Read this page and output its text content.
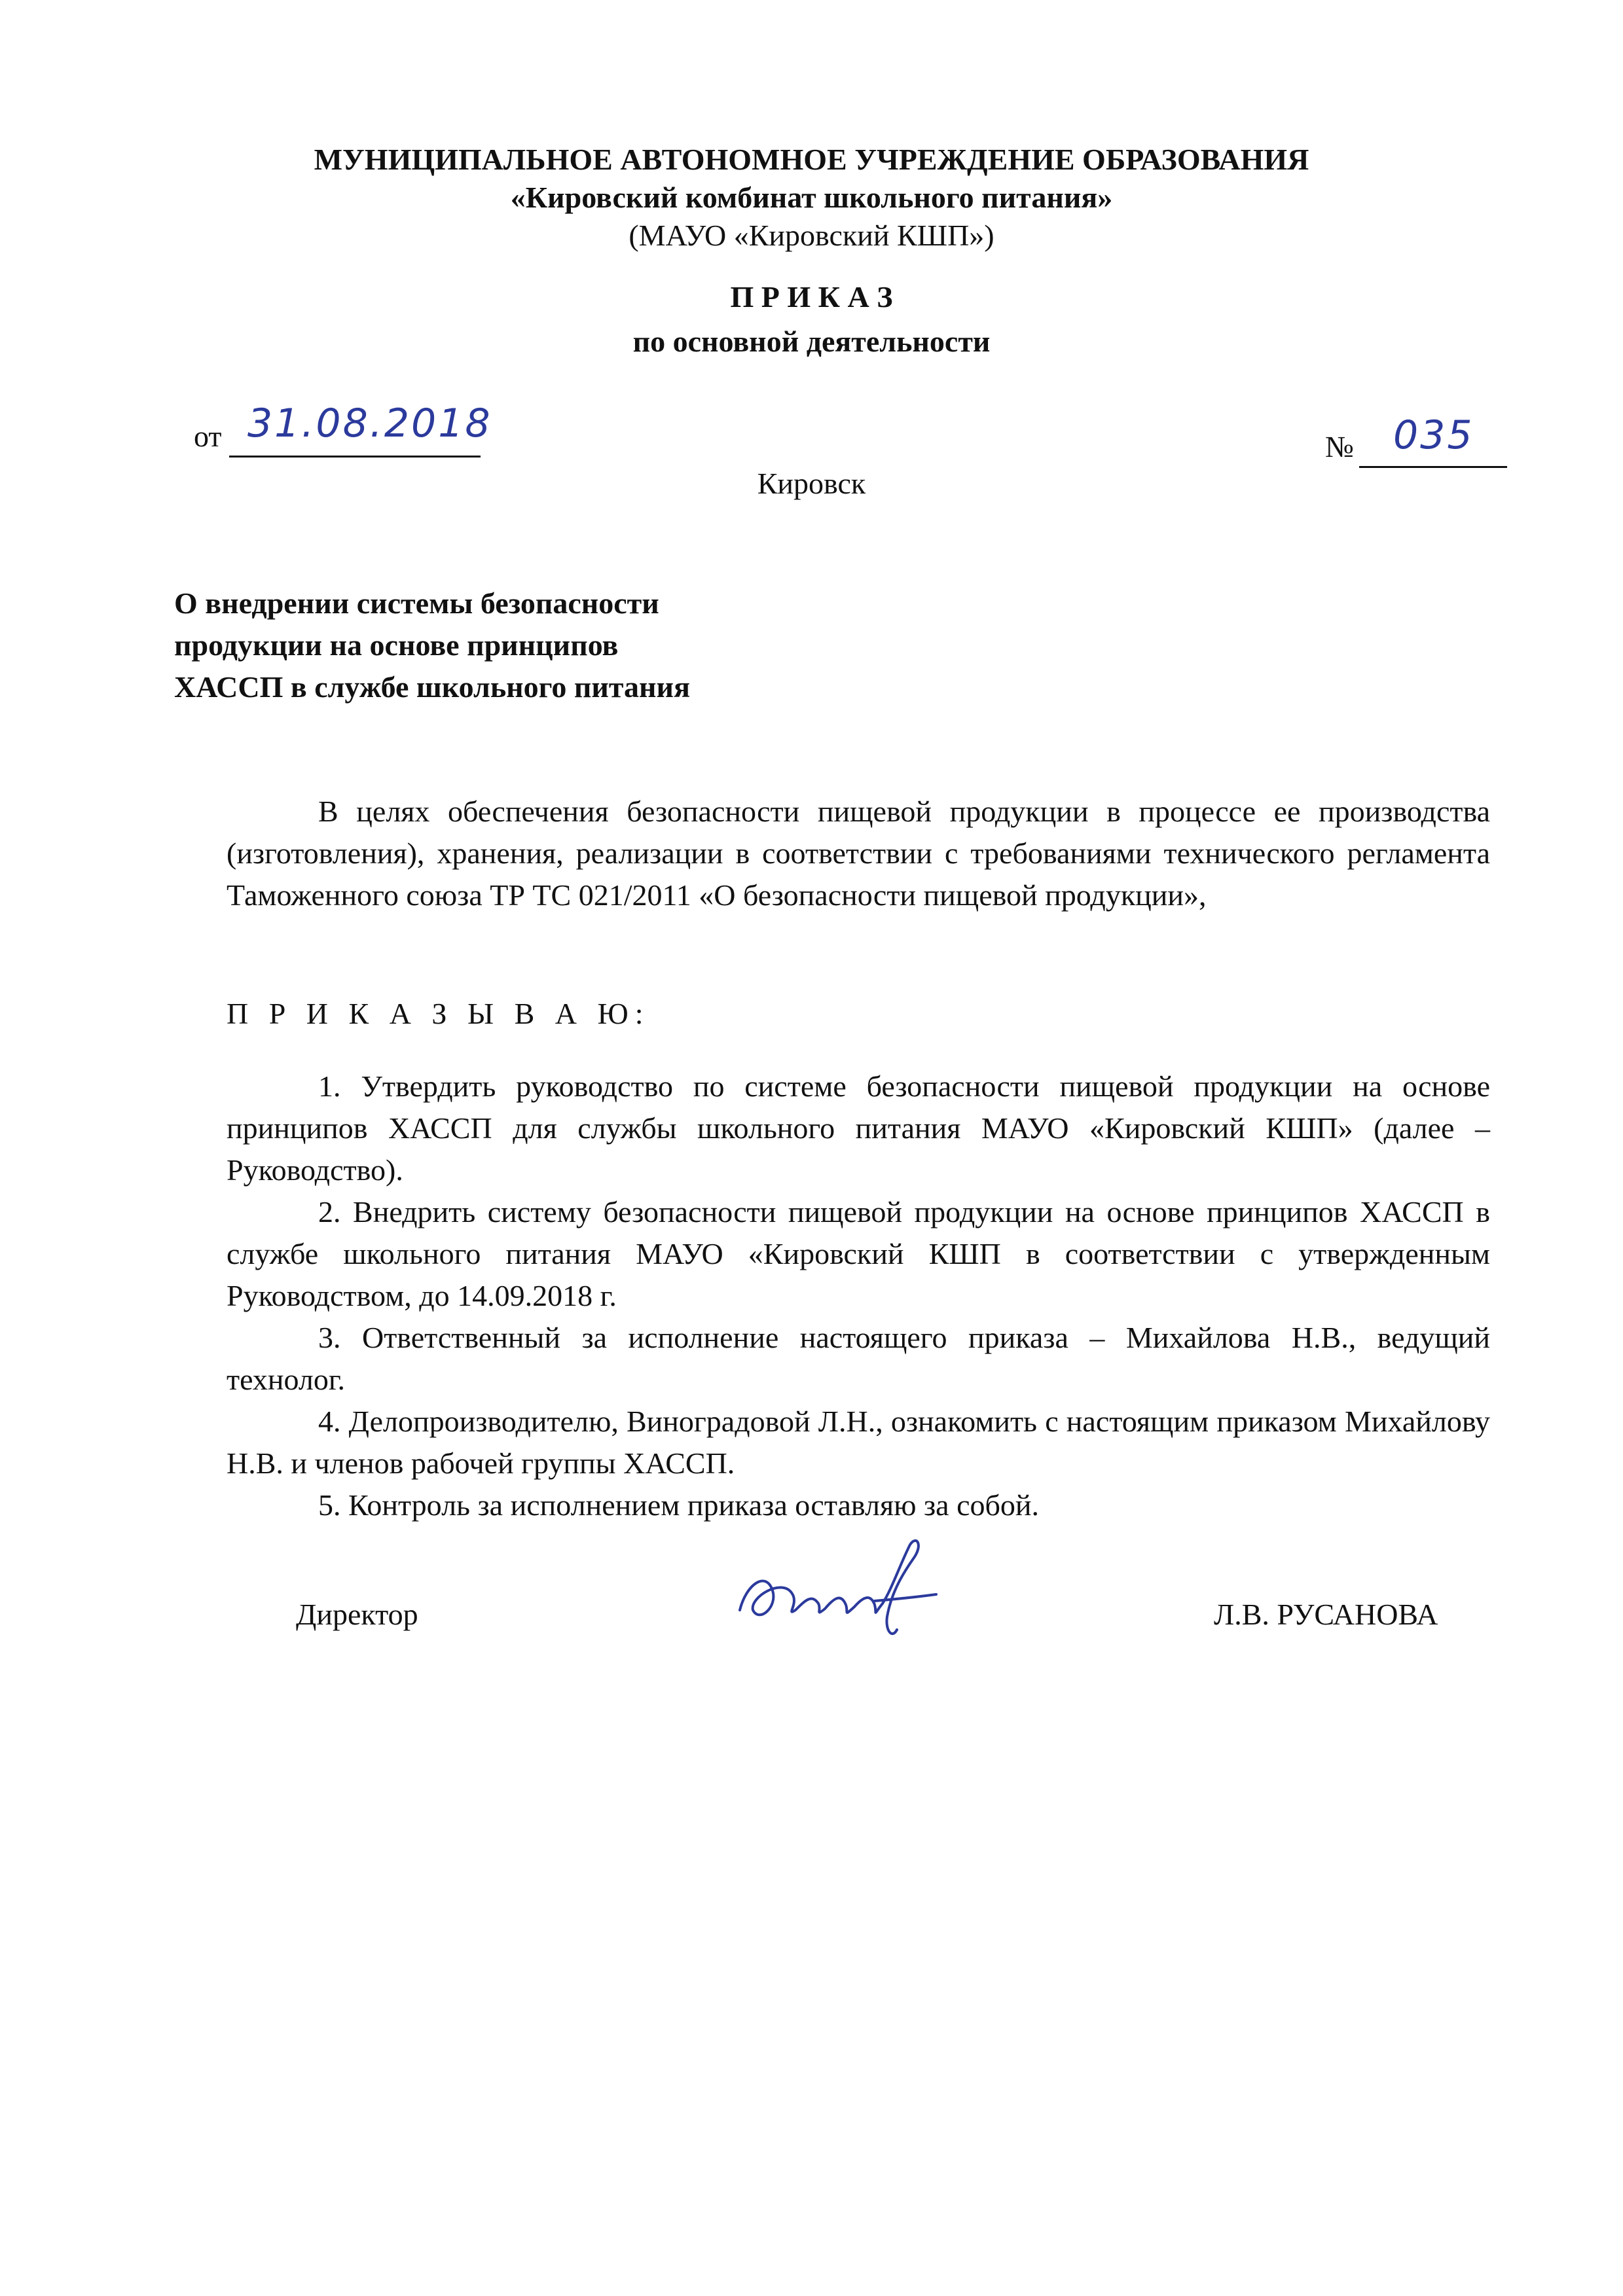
МУНИЦИПАЛЬНОЕ АВТОНОМНОЕ УЧРЕЖДЕНИЕ ОБРАЗОВАНИЯ
«Кировский комбинат школьного питания»
(МАУО «Кировский КШП»)
П Р И К А З
по основной деятельности
от 31.08.2018
№ 035
Кировск
О внедрении системы безопасности
продукции на основе принципов
ХАССП в службе школьного питания

В целях обеспечения безопасности пищевой продукции в процессе ее производства (изготовления), хранения, реализации в соответствии с требованиями технического регламента Таможенного союза ТР ТС 021/2011 «О безопасности пищевой продукции»,

П Р И К А З Ы В А Ю:

1. Утвердить руководство по системе безопасности пищевой продукции на основе принципов ХАССП для службы школьного питания МАУО «Кировский КШП» (далее – Руководство).

2. Внедрить систему безопасности пищевой продукции на основе принципов ХАССП в службе школьного питания МАУО «Кировский КШП в соответствии с утвержденным Руководством, до 14.09.2018 г.

3. Ответственный за исполнение настоящего приказа – Михайлова Н.В., ведущий технолог.

4. Делопроизводителю, Виноградовой Л.Н., ознакомить с настоящим приказом Михайлову Н.В. и членов рабочей группы ХАССП.

5. Контроль за исполнением приказа оставляю за собой.

Директор	Л.В. РУСАНОВА
